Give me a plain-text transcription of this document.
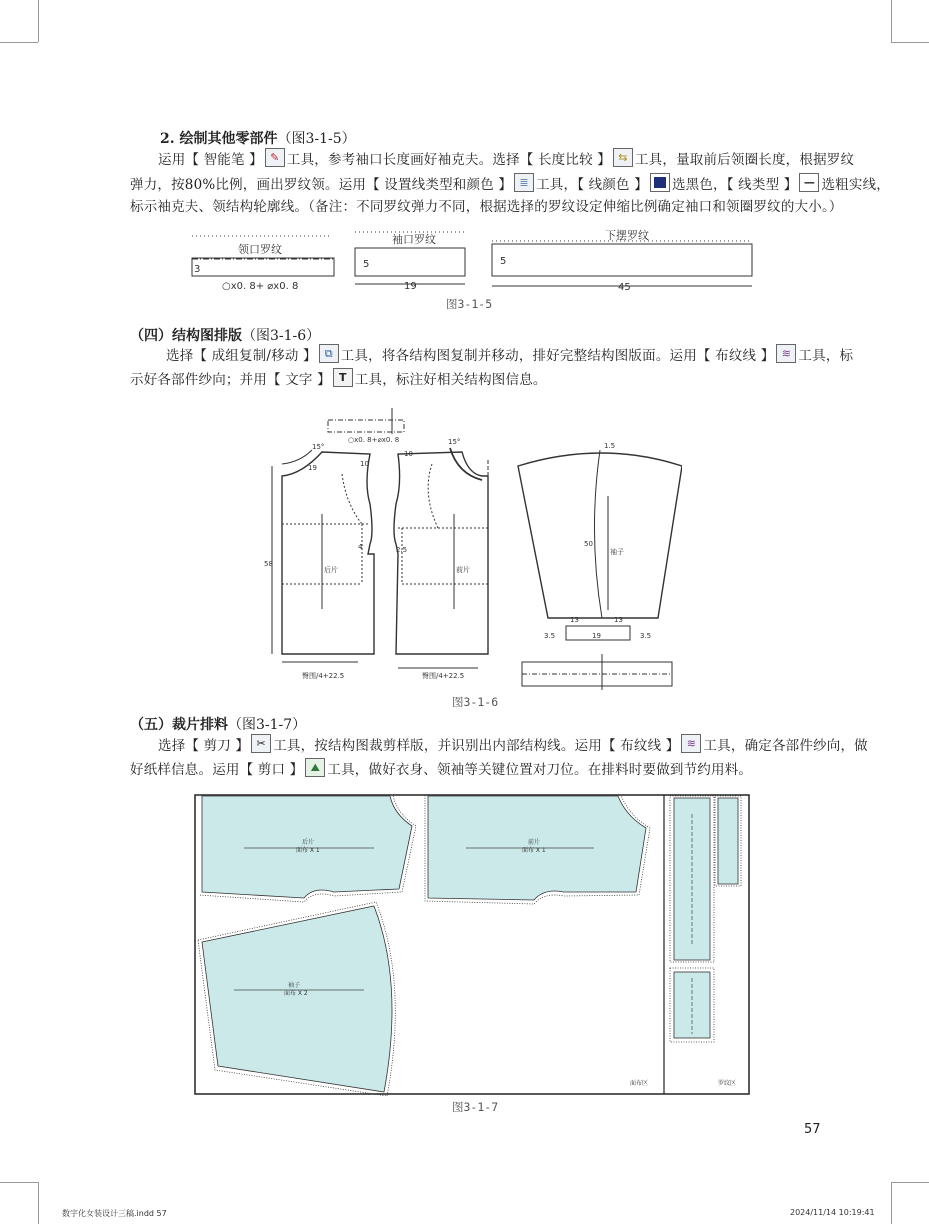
2. 绘制其他零部件（图3-1-5）
运用【 智能笔 】 ✎ 工具，参考袖口长度画好袖克夫。选择【 长度比较 】 ⇆ 工具，量取前后领圈长度，根据罗纹
弹力，按80%比例，画出罗纹领。运用【 设置线类型和颜色 】 ≣ 工具，【 线颜色 】 选黑色，【 线类型 】 — 选粗实线，
标示袖克夫、领结构轮廓线。（备注：不同罗纹弹力不同，根据选择的罗纹设定伸缩比例确定袖口和领圈罗纹的大小。）
领口罗纹
3
○x0. 8+ ⌀x0. 8
袖口罗纹
5
19
下摆罗纹
5
45
图3-1-5
（四）结构图排版（图3-1-6）
选择【 成组复制/移动 】 ⧉ 工具，将各结构图复制并移动，排好完整结构图版面。运用【 布纹线 】 ≋ 工具，标
示好各部件纱向；并用【 文字 】 T 工具，标注好相关结构图信息。
○x0. 8+⌀x0. 8
15°
15°
19	10
10
58
后片	前片
4	2.5
臀围/4+22.5	臀围/4+22.5
1.5
50
袖子
13	13
19
3.5	3.5
图3-1-6
（五）裁片排料（图3-1-7）
选择【 剪刀 】 ✂ 工具，按结构图裁剪样版，并识别出内部结构线。运用【 布纹线 】 ≋ 工具，确定各部件纱向，做
好纸样信息。运用【 剪口 】 ⛰ 工具，做好衣身、领袖等关键位置对刀位。在排料时要做到节约用料。
后片
面布 X 1
前片
面布 X 1
袖子
面布 X 2
面布区	罗纹区
图3-1-7
57
数字化女装设计三稿.indd 57	2024/11/14 10:19:41
